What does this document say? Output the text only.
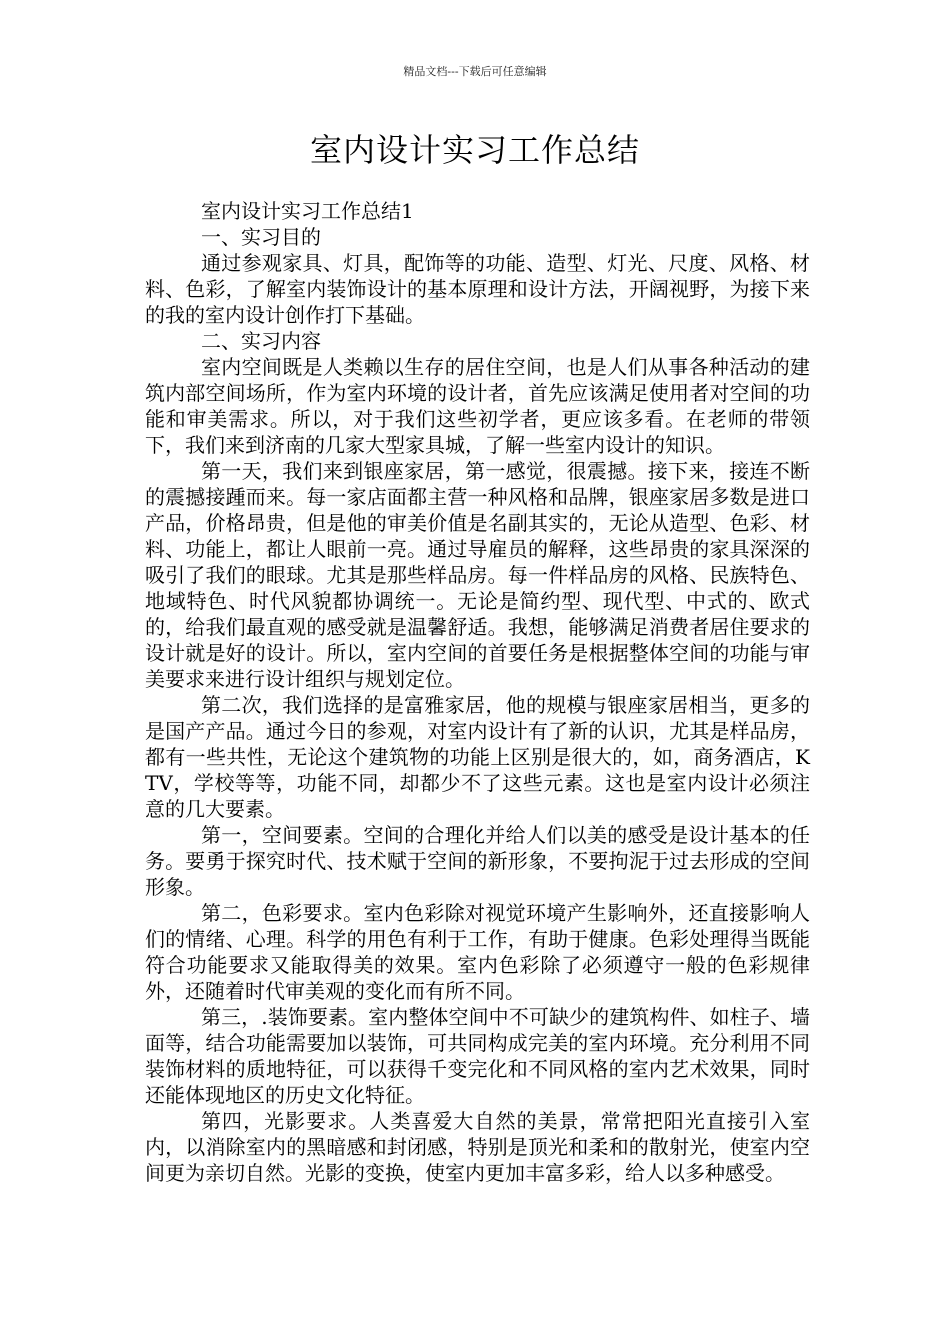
精品文档---下载后可任意编辑
室内设计实习工作总结

室内设计实习工作总结1

一、实习目的

通过参观家具、灯具，配饰等的功能、造型、灯光、尺度、风格、材料、色彩，了解室内装饰设计的基本原理和设计方法，开阔视野，为接下来的我的室内设计创作打下基础。

二、实习内容

室内空间既是人类赖以生存的居住空间，也是人们从事各种活动的建筑内部空间场所，作为室内环境的设计者，首先应该满足使用者对空间的功能和审美需求。所以，对于我们这些初学者，更应该多看。在老师的带领下，我们来到济南的几家大型家具城，了解一些室内设计的知识。

第一天，我们来到银座家居，第一感觉，很震撼。接下来，接连不断的震撼接踵而来。每一家店面都主营一种风格和品牌，银座家居多数是进口产品，价格昂贵，但是他的审美价值是名副其实的，无论从造型、色彩、材料、功能上，都让人眼前一亮。通过导雇员的解释，这些昂贵的家具深深的吸引了我们的眼球。尤其是那些样品房。每一件样品房的风格、民族特色、地域特色、时代风貌都协调统一。无论是简约型、现代型、中式的、欧式的，给我们最直观的感受就是温馨舒适。我想，能够满足消费者居住要求的设计就是好的设计。所以，室内空间的首要任务是根据整体空间的功能与审美要求来进行设计组织与规划定位。

第二次，我们选择的是富雅家居，他的规模与银座家居相当，更多的是国产产品。通过今日的参观，对室内设计有了新的认识，尤其是样品房，都有一些共性，无论这个建筑物的功能上区别是很大的，如，商务酒店，KTV，学校等等，功能不同，却都少不了这些元素。这也是室内设计必须注意的几大要素。

第一，空间要素。空间的合理化并给人们以美的感受是设计基本的任务。要勇于探究时代、技术赋于空间的新形象，不要拘泥于过去形成的空间形象。

第二，色彩要求。室内色彩除对视觉环境产生影响外，还直接影响人们的情绪、心理。科学的用色有利于工作，有助于健康。色彩处理得当既能符合功能要求又能取得美的效果。室内色彩除了必须遵守一般的色彩规律外，还随着时代审美观的变化而有所不同。

第三，.装饰要素。室内整体空间中不可缺少的建筑构件、如柱子、墙面等，结合功能需要加以装饰，可共同构成完美的室内环境。充分利用不同装饰材料的质地特征，可以获得千变完化和不同风格的室内艺术效果，同时还能体现地区的历史文化特征。

第四，光影要求。人类喜爱大自然的美景，常常把阳光直接引入室内，以消除室内的黑暗感和封闭感，特别是顶光和柔和的散射光，使室内空间更为亲切自然。光影的变换，使室内更加丰富多彩，给人以多种感受。
